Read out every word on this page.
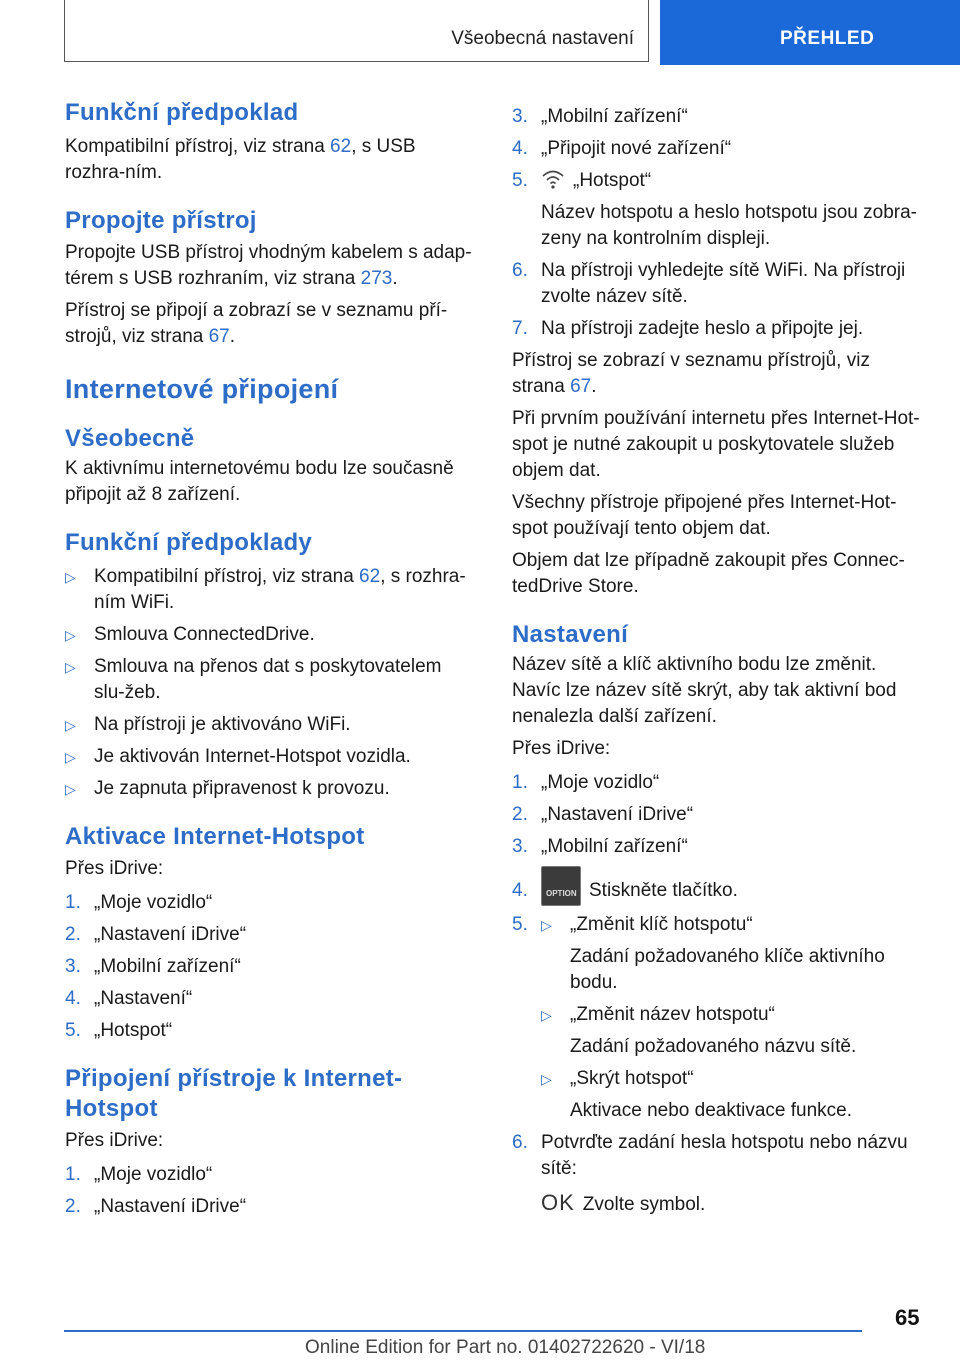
Všeobecná nastavení	PŘEHLED
Funkční předpoklad

Kompatibilní přístroj, viz strana 62, s USB rozhra-ním.

Propojte přístroj

Propojte USB přístroj vhodným kabelem s adap-térem s USB rozhraním, viz strana 273.

Přístroj se připojí a zobrazí se v seznamu pří-strojů, viz strana 67.

Internetové připojení
Všeobecně

K aktivnímu internetovému bodu lze současně připojit až 8 zařízení.

Funkční předpoklady
▷ Kompatibilní přístroj, viz strana 62, s rozhra-ním WiFi.
▷ Smlouva ConnectedDrive.
▷ Smlouva na přenos dat s poskytovatelem slu-žeb.
▷ Na přístroji je aktivováno WiFi.
▷ Je aktivován Internet-Hotspot vozidla.
▷ Je zapnuta připravenost k provozu.
Aktivace Internet-Hotspot

Přes iDrive:

1. „Moje vozidlo“
2. „Nastavení iDrive“
3. „Mobilní zařízení“
4. „Nastavení“
5. „Hotspot“
Připojení přístroje k Internet-Hotspot

Přes iDrive:

1. „Moje vozidlo“
2. „Nastavení iDrive“
3. „Mobilní zařízení“
4. „Připojit nové zařízení“
5. „Hotspot“
Název hotspotu a heslo hotspotu jsou zobra-zeny na kontrolním displeji.
6. Na přístroji vyhledejte sítě WiFi. Na přístroji zvolte název sítě.
7. Na přístroji zadejte heslo a připojte jej.

Přístroj se zobrazí v seznamu přístrojů, viz strana 67.

Při prvním používání internetu přes Internet-Hot-spot je nutné zakoupit u poskytovatele služeb objem dat.

Všechny přístroje připojené přes Internet-Hot-spot používají tento objem dat.

Objem dat lze případně zakoupit přes Connec-tedDrive Store.

Nastavení

Název sítě a klíč aktivního bodu lze změnit. Navíc lze název sítě skrýt, aby tak aktivní bod nenalezla další zařízení.

Přes iDrive:

1. „Moje vozidlo“
2. „Nastavení iDrive“
3. „Mobilní zařízení“
4. OPTION Stiskněte tlačítko.
5. ▷ „Změnit klíč hotspotu“
Zadání požadovaného klíče aktivního bodu.
▷ „Změnit název hotspotu“
Zadání požadovaného názvu sítě.
▷ „Skrýt hotspot“
Aktivace nebo deaktivace funkce.
6. Potvrďte zadání hesla hotspotu nebo názvu sítě:
OK Zvolte symbol.
65
Online Edition for Part no. 01402722620 - VI/18
